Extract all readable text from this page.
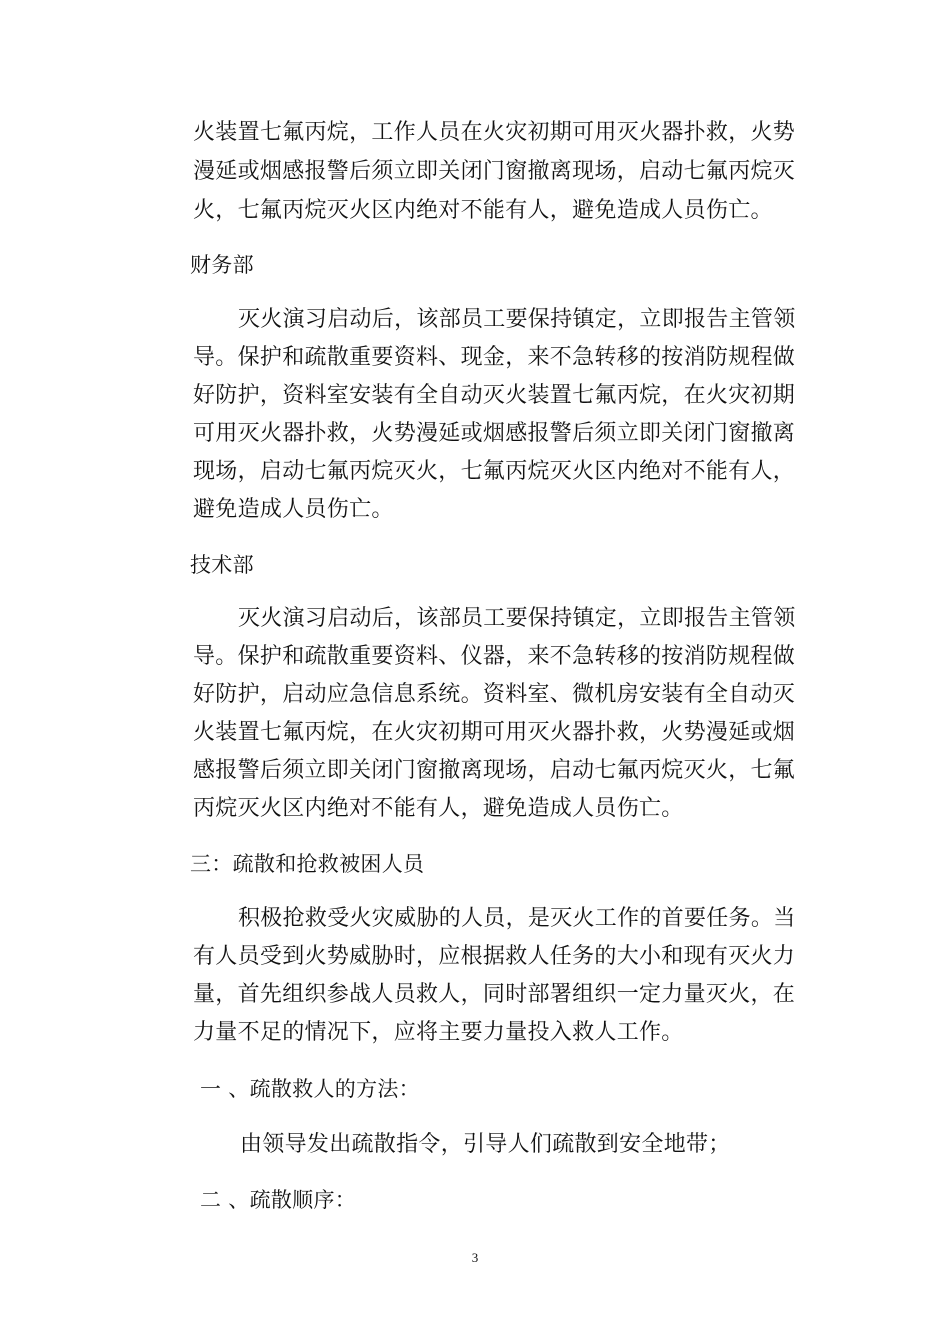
火装置七氟丙烷，工作人员在火灾初期可用灭火器扑救，火势
漫延或烟感报警后须立即关闭门窗撤离现场，启动七氟丙烷灭
火，七氟丙烷灭火区内绝对不能有人，避免造成人员伤亡。
财务部
灭火演习启动后，该部员工要保持镇定，立即报告主管领
导。保护和疏散重要资料、现金，来不急转移的按消防规程做
好防护，资料室安装有全自动灭火装置七氟丙烷，在火灾初期
可用灭火器扑救，火势漫延或烟感报警后须立即关闭门窗撤离
现场，启动七氟丙烷灭火，七氟丙烷灭火区内绝对不能有人，
避免造成人员伤亡。
技术部
灭火演习启动后，该部员工要保持镇定，立即报告主管领
导。保护和疏散重要资料、仪器，来不急转移的按消防规程做
好防护，启动应急信息系统。资料室、微机房安装有全自动灭
火装置七氟丙烷，在火灾初期可用灭火器扑救，火势漫延或烟
感报警后须立即关闭门窗撤离现场，启动七氟丙烷灭火，七氟
丙烷灭火区内绝对不能有人，避免造成人员伤亡。
三：疏散和抢救被困人员
积极抢救受火灾威胁的人员，是灭火工作的首要任务。当
有人员受到火势威胁时，应根据救人任务的大小和现有灭火力
量，首先组织参战人员救人，同时部署组织一定力量灭火，在
力量不足的情况下，应将主要力量投入救人工作。
一 、疏散救人的方法：
由领导发出疏散指令，引导人们疏散到安全地带；
二 、疏散顺序：
3
